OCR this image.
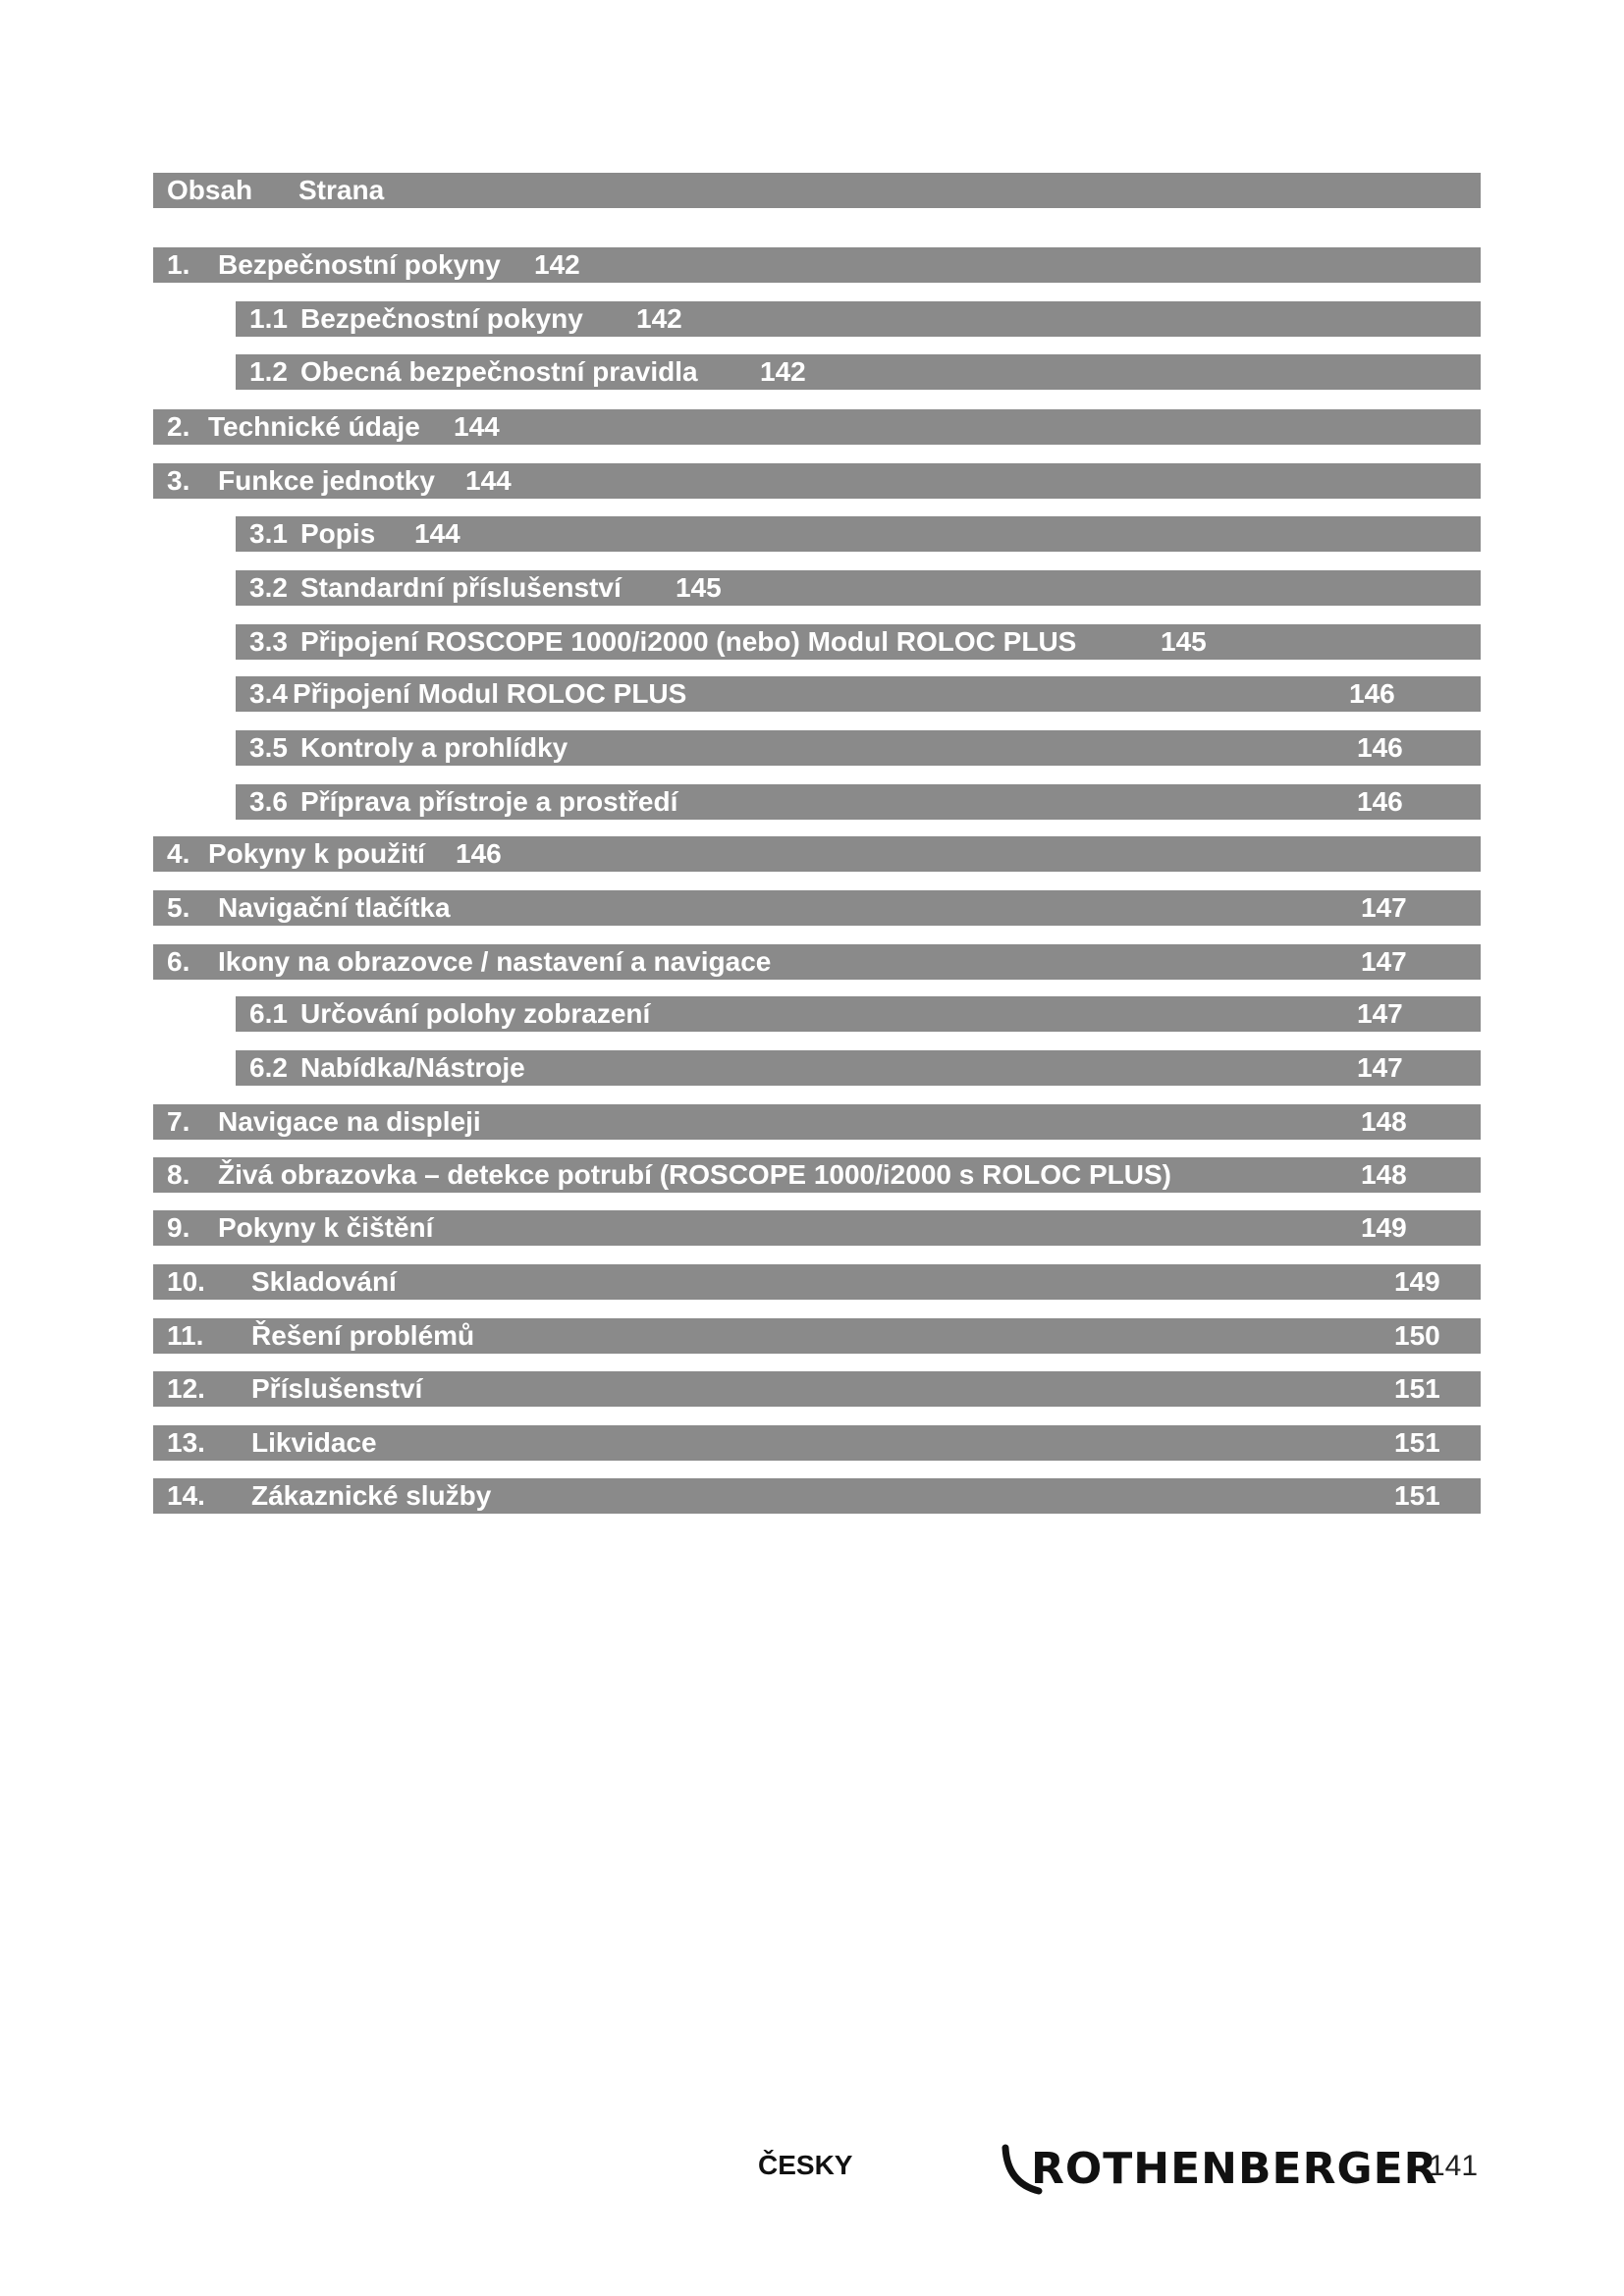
Obsah Strana
1. Bezpečnostní pokyny 142
1.1 Bezpečnostní pokyny 142
1.2 Obecná bezpečnostní pravidla 142
2. Technické údaje 144
3. Funkce jednotky 144
3.1 Popis 144
3.2 Standardní příslušenství 145
3.3 Připojení ROSCOPE 1000/i2000 (nebo) Modul ROLOC PLUS	145
3.4 Připojení Modul ROLOC PLUS	146
3.5 Kontroly a prohlídky	146
3.6 Příprava přístroje a prostředí	146
4. Pokyny k použití 146
5. Navigační tlačítka	147
6. Ikony na obrazovce / nastavení a navigace	147
6.1 Určování polohy zobrazení	147
6.2 Nabídka/Nástroje	147
7. Navigace na displeji	148
8. Živá obrazovka – detekce potrubí (ROSCOPE 1000/i2000 s ROLOC PLUS)	148
9. Pokyny k čištění	149
10. Skladování	149
11. Řešení problémů	150
12. Příslušenství	151
13. Likvidace	151
14. Zákaznické služby	151
ČESKY	ROTHENBERGER
141
